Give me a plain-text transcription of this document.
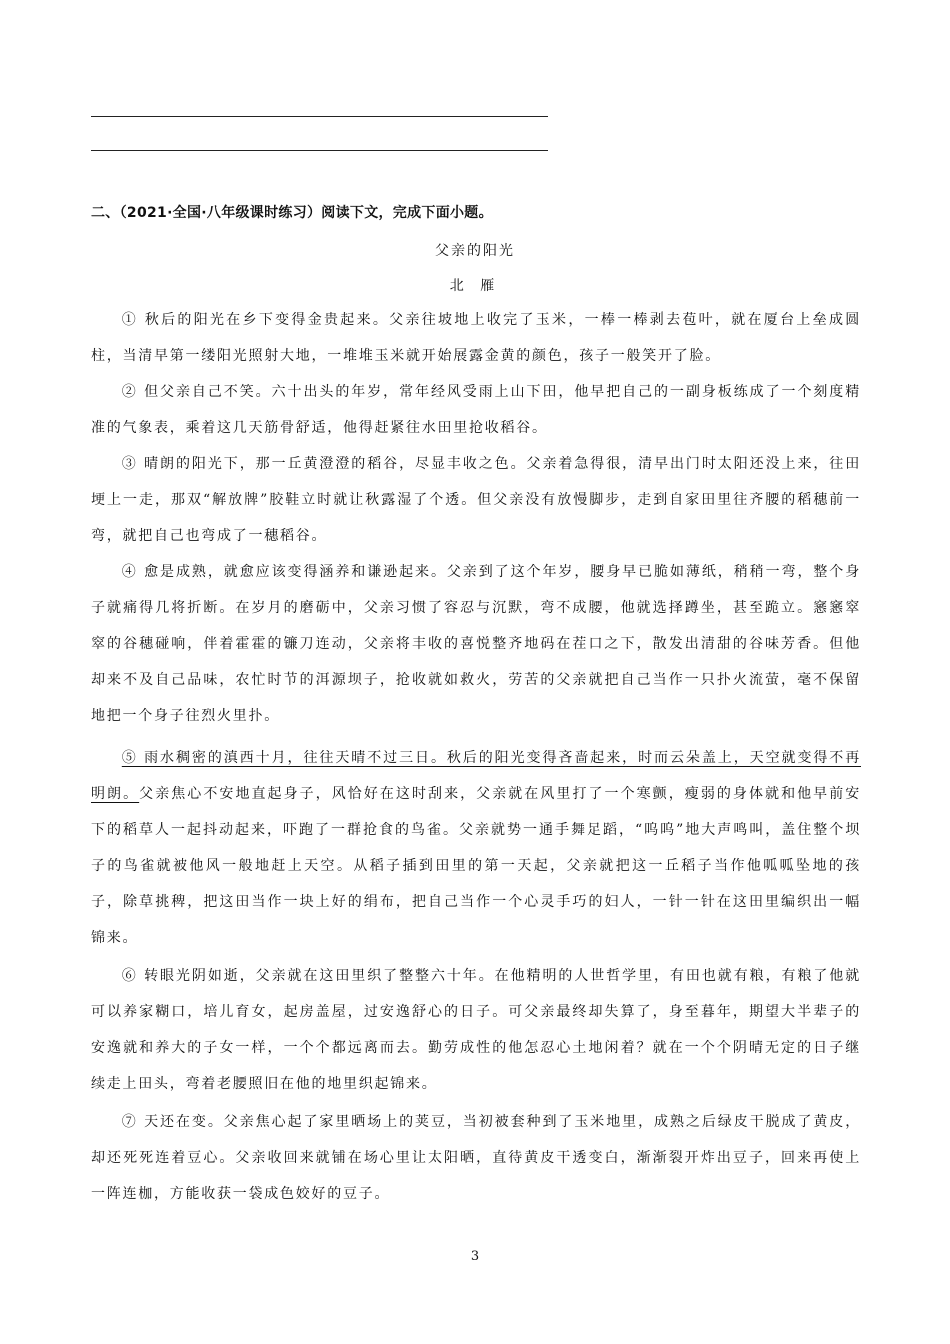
二、（2021·全国·八年级课时练习）阅读下文，完成下面小题。
父亲的阳光
北 雁

① 秋后的阳光在乡下变得金贵起来。父亲往坡地上收完了玉米，一棒一棒剥去苞叶，就在厦台上垒成圆柱，当清早第一缕阳光照射大地，一堆堆玉米就开始展露金黄的颜色，孩子一般笑开了脸。

② 但父亲自己不笑。六十出头的年岁，常年经风受雨上山下田，他早把自己的一副身板练成了一个刻度精准的气象表，乘着这几天筋骨舒适，他得赶紧往水田里抢收稻谷。

③ 晴朗的阳光下，那一丘黄澄澄的稻谷，尽显丰收之色。父亲着急得很，清早出门时太阳还没上来，往田埂上一走，那双“解放牌”胶鞋立时就让秋露湿了个透。但父亲没有放慢脚步，走到自家田里往齐腰的稻穗前一弯，就把自己也弯成了一穗稻谷。

④ 愈是成熟，就愈应该变得涵养和谦逊起来。父亲到了这个年岁，腰身早已脆如薄纸，稍稍一弯，整个身子就痛得几将折断。在岁月的磨砺中，父亲习惯了容忍与沉默，弯不成腰，他就选择蹲坐，甚至跪立。窸窸窣窣的谷穗碰响，伴着霍霍的镰刀连动，父亲将丰收的喜悦整齐地码在茬口之下，散发出清甜的谷味芳香。但他却来不及自己品味，农忙时节的洱源坝子，抢收就如救火，劳苦的父亲就把自己当作一只扑火流萤，毫不保留地把一个身子往烈火里扑。

⑤ 雨水稠密的滇西十月，往往天晴不过三日。秋后的阳光变得吝啬起来，时而云朵盖上，天空就变得不再明朗。父亲焦心不安地直起身子，风恰好在这时刮来，父亲就在风里打了一个寒颤，瘦弱的身体就和他早前安下的稻草人一起抖动起来，吓跑了一群抢食的鸟雀。父亲就势一通手舞足蹈，“呜呜”地大声鸣叫，盖住整个坝子的鸟雀就被他风一般地赶上天空。从稻子插到田里的第一天起，父亲就把这一丘稻子当作他呱呱坠地的孩子，除草挑稗，把这田当作一块上好的绢布，把自己当作一个心灵手巧的妇人，一针一针在这田里编织出一幅锦来。

⑥ 转眼光阴如逝，父亲就在这田里织了整整六十年。在他精明的人世哲学里，有田也就有粮，有粮了他就可以养家糊口，培儿育女，起房盖屋，过安逸舒心的日子。可父亲最终却失算了，身至暮年，期望大半辈子的安逸就和养大的子女一样，一个个都远离而去。勤劳成性的他怎忍心土地闲着？就在一个个阴晴无定的日子继续走上田头，弯着老腰照旧在他的地里织起锦来。

⑦ 天还在变。父亲焦心起了家里晒场上的荚豆，当初被套种到了玉米地里，成熟之后绿皮干脱成了黄皮，却还死死连着豆心。父亲收回来就铺在场心里让太阳晒，直待黄皮干透变白，渐渐裂开炸出豆子，回来再使上一阵连枷，方能收获一袋成色姣好的豆子。

3
